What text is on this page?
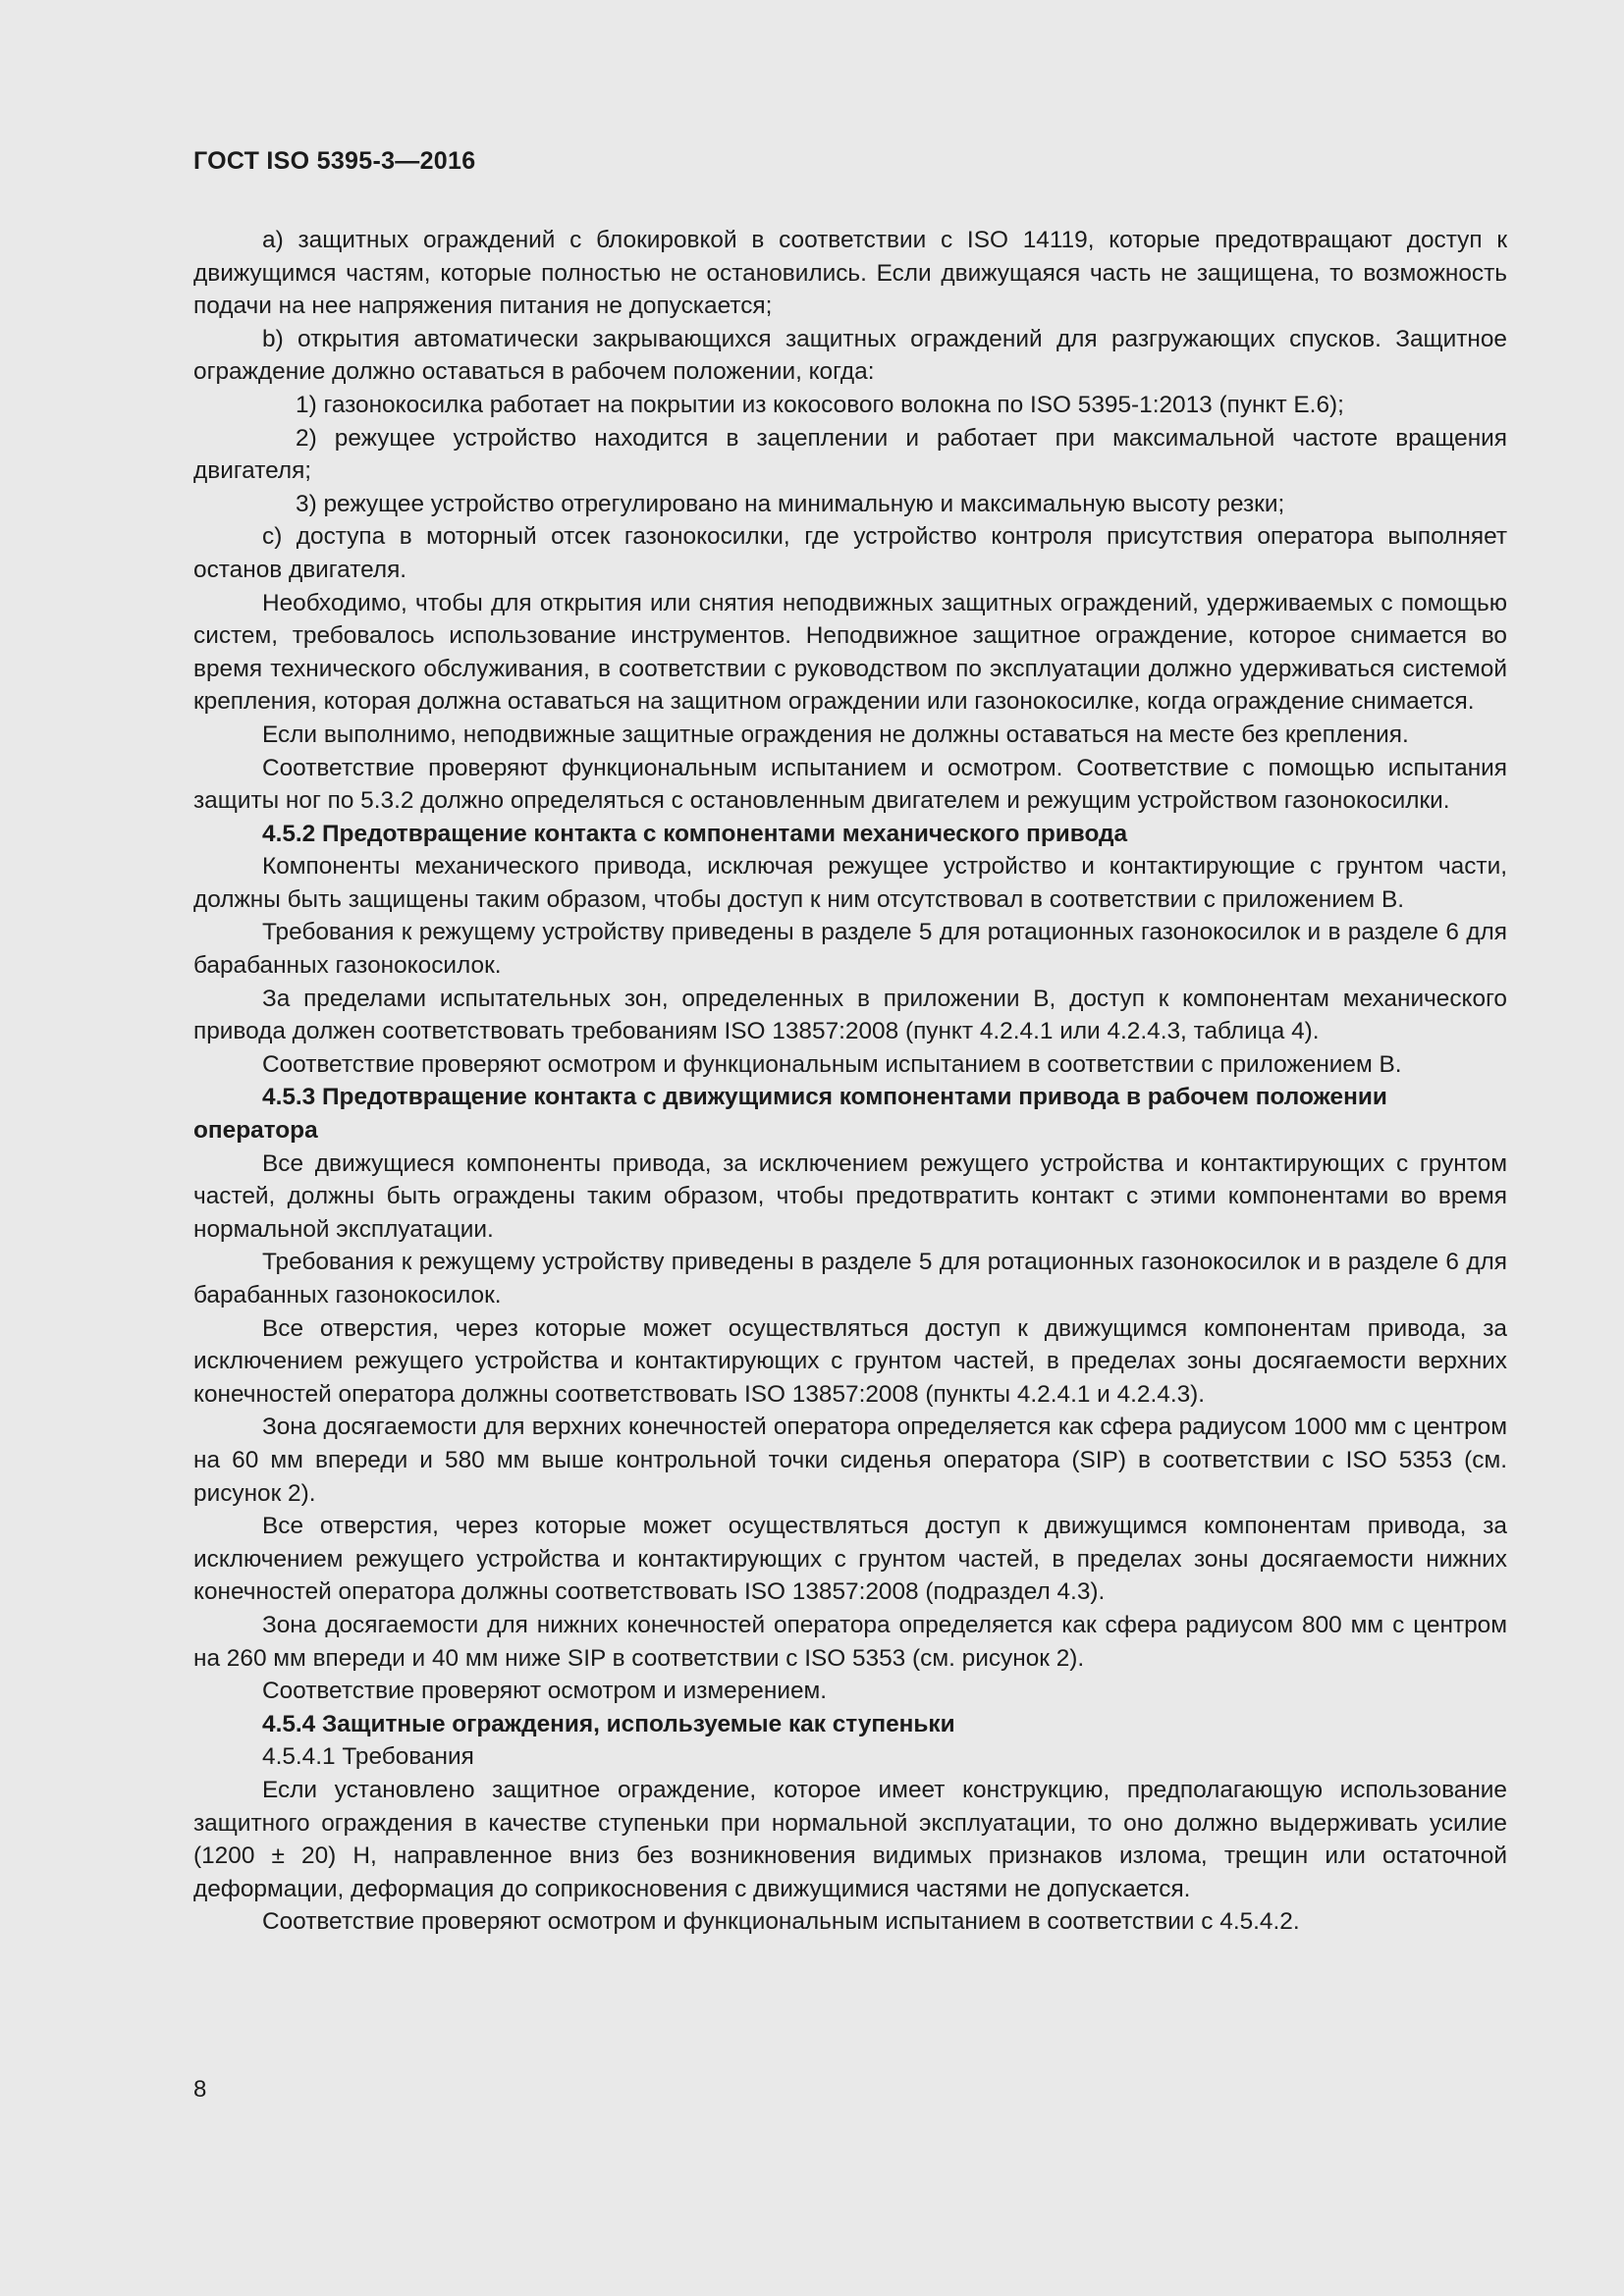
ГОСТ ISO 5395-3—2016

а) защитных ограждений с блокировкой в соответствии с ISO 14119, которые предотвращают доступ к движущимся частям, которые полностью не остановились. Если движущаяся часть не защищена, то возможность подачи на нее напряжения питания не допускается;

b) открытия автоматически закрывающихся защитных ограждений для разгружающих спусков. Защитное ограждение должно оставаться в рабочем положении, когда:

1) газонокосилка работает на покрытии из кокосового волокна по ISO 5395-1:2013 (пункт Е.6);

2) режущее устройство находится в зацеплении и работает при максимальной частоте вращения двигателя;

3) режущее устройство отрегулировано на минимальную и максимальную высоту резки;

с) доступа в моторный отсек газонокосилки, где устройство контроля присутствия оператора выполняет останов двигателя.

Необходимо, чтобы для открытия или снятия неподвижных защитных ограждений, удерживаемых с помощью систем, требовалось использование инструментов. Неподвижное защитное ограждение, которое снимается во время технического обслуживания, в соответствии с руководством по эксплуатации должно удерживаться системой крепления, которая должна оставаться на защитном ограждении или газонокосилке, когда ограждение снимается.

Если выполнимо, неподвижные защитные ограждения не должны оставаться на месте без крепления.

Соответствие проверяют функциональным испытанием и осмотром. Соответствие с помощью испытания защиты ног по 5.3.2 должно определяться с остановленным двигателем и режущим устройством газонокосилки.

4.5.2 Предотвращение контакта с компонентами механического привода

Компоненты механического привода, исключая режущее устройство и контактирующие с грунтом части, должны быть защищены таким образом, чтобы доступ к ним отсутствовал в соответствии с приложением В.

Требования к режущему устройству приведены в разделе 5 для ротационных газонокосилок и в разделе 6 для барабанных газонокосилок.

За пределами испытательных зон, определенных в приложении В, доступ к компонентам механического привода должен соответствовать требованиям ISO 13857:2008 (пункт 4.2.4.1 или 4.2.4.3, таблица 4).

Соответствие проверяют осмотром и функциональным испытанием в соответствии с приложением В.

4.5.3 Предотвращение контакта с движущимися компонентами привода в рабочем положении оператора

Все движущиеся компоненты привода, за исключением режущего устройства и контактирующих с грунтом частей, должны быть ограждены таким образом, чтобы предотвратить контакт с этими компонентами во время нормальной эксплуатации.

Требования к режущему устройству приведены в разделе 5 для ротационных газонокосилок и в разделе 6 для барабанных газонокосилок.

Все отверстия, через которые может осуществляться доступ к движущимся компонентам привода, за исключением режущего устройства и контактирующих с грунтом частей, в пределах зоны досягаемости верхних конечностей оператора должны соответствовать ISO 13857:2008 (пункты 4.2.4.1 и 4.2.4.3).

Зона досягаемости для верхних конечностей оператора определяется как сфера радиусом 1000 мм с центром на 60 мм впереди и 580 мм выше контрольной точки сиденья оператора (SIP) в соответствии с ISO 5353 (см. рисунок 2).

Все отверстия, через которые может осуществляться доступ к движущимся компонентам привода, за исключением режущего устройства и контактирующих с грунтом частей, в пределах зоны досягаемости нижних конечностей оператора должны соответствовать ISO 13857:2008 (подраздел 4.3).

Зона досягаемости для нижних конечностей оператора определяется как сфера радиусом 800 мм с центром на 260 мм впереди и 40 мм ниже SIP в соответствии с ISO 5353 (см. рисунок 2).

Соответствие проверяют осмотром и измерением.

4.5.4 Защитные ограждения, используемые как ступеньки

4.5.4.1 Требования

Если установлено защитное ограждение, которое имеет конструкцию, предполагающую использование защитного ограждения в качестве ступеньки при нормальной эксплуатации, то оно должно выдерживать усилие (1200 ± 20) Н, направленное вниз без возникновения видимых признаков излома, трещин или остаточной деформации, деформация до соприкосновения с движущимися частями не допускается.

Соответствие проверяют осмотром и функциональным испытанием в соответствии с 4.5.4.2.

8
